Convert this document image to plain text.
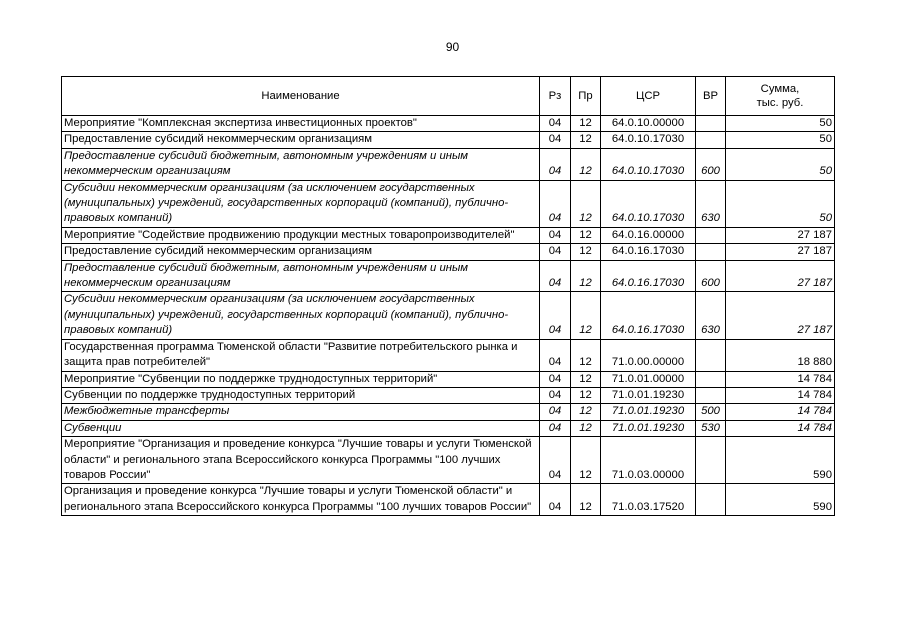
90
Наименование	Рз	Пр	ЦСР	ВР	Сумма,
тыс. руб.
Мероприятие "Комплексная экспертиза инвестиционных проектов"	04	12	64.0.10.00000		50
Предоставление субсидий некоммерческим организациям	04	12	64.0.10.17030		50
Предоставление субсидий бюджетным, автономным учреждениям и иным некоммерческим организациям	04	12	64.0.10.17030	600	50
Субсидии некоммерческим организациям (за исключением государственных (муниципальных) учреждений, государственных корпораций (компаний), публично-правовых компаний)	04	12	64.0.10.17030	630	50
Мероприятие "Содействие продвижению продукции местных товаропроизводителей"	04	12	64.0.16.00000		27 187
Предоставление субсидий некоммерческим организациям	04	12	64.0.16.17030		27 187
Предоставление субсидий бюджетным, автономным учреждениям и иным некоммерческим организациям	04	12	64.0.16.17030	600	27 187
Субсидии некоммерческим организациям (за исключением государственных (муниципальных) учреждений, государственных корпораций (компаний), публично-правовых компаний)	04	12	64.0.16.17030	630	27 187
Государственная программа Тюменской области "Развитие потребительского рынка и защита прав потребителей"	04	12	71.0.00.00000		18 880
Мероприятие "Субвенции по поддержке труднодоступных территорий"	04	12	71.0.01.00000		14 784
Субвенции по поддержке труднодоступных территорий	04	12	71.0.01.19230		14 784
Межбюджетные трансферты	04	12	71.0.01.19230	500	14 784
Субвенции	04	12	71.0.01.19230	530	14 784
Мероприятие "Организация и проведение конкурса "Лучшие товары и услуги Тюменской области" и регионального этапа Всероссийского конкурса Программы "100 лучших товаров России"	04	12	71.0.03.00000		590
Организация и проведение конкурса "Лучшие товары и услуги Тюменской области" и регионального этапа Всероссийского конкурса Программы "100 лучших товаров России"	04	12	71.0.03.17520		590
